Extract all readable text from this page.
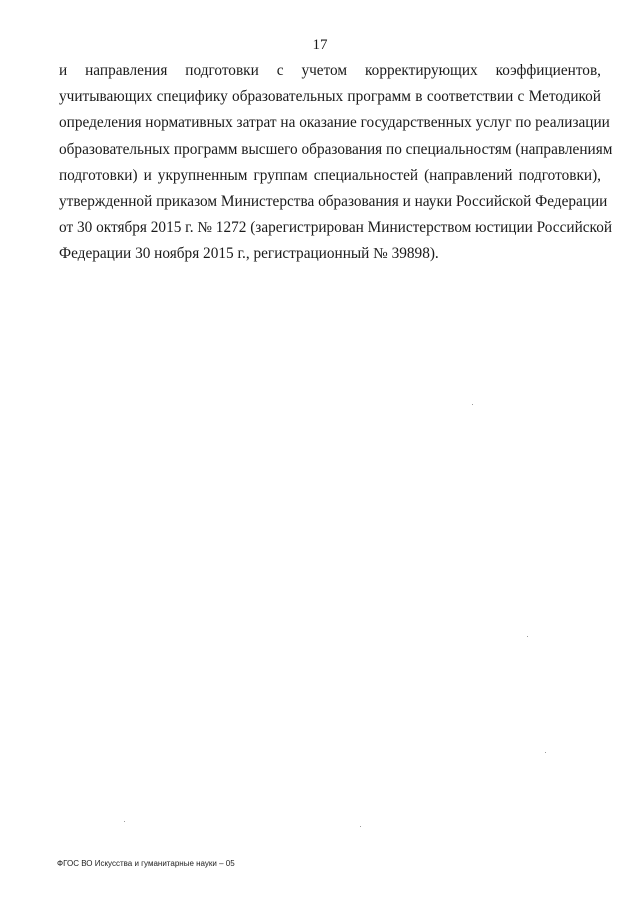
17
и направления подготовки с учетом корректирующих коэффициентов,
учитывающих специфику образовательных программ в соответствии с Методикой
определения нормативных затрат на оказание государственных услуг по реализации
образовательных программ высшего образования по специальностям (направлениям
подготовки) и укрупненным группам специальностей (направлений подготовки),
утвержденной приказом Министерства образования и науки Российской Федерации
от 30 октября 2015 г. № 1272 (зарегистрирован Министерством юстиции Российской
Федерации 30 ноября 2015 г., регистрационный № 39898).
ФГОС ВО Искусства и гуманитарные науки – 05
